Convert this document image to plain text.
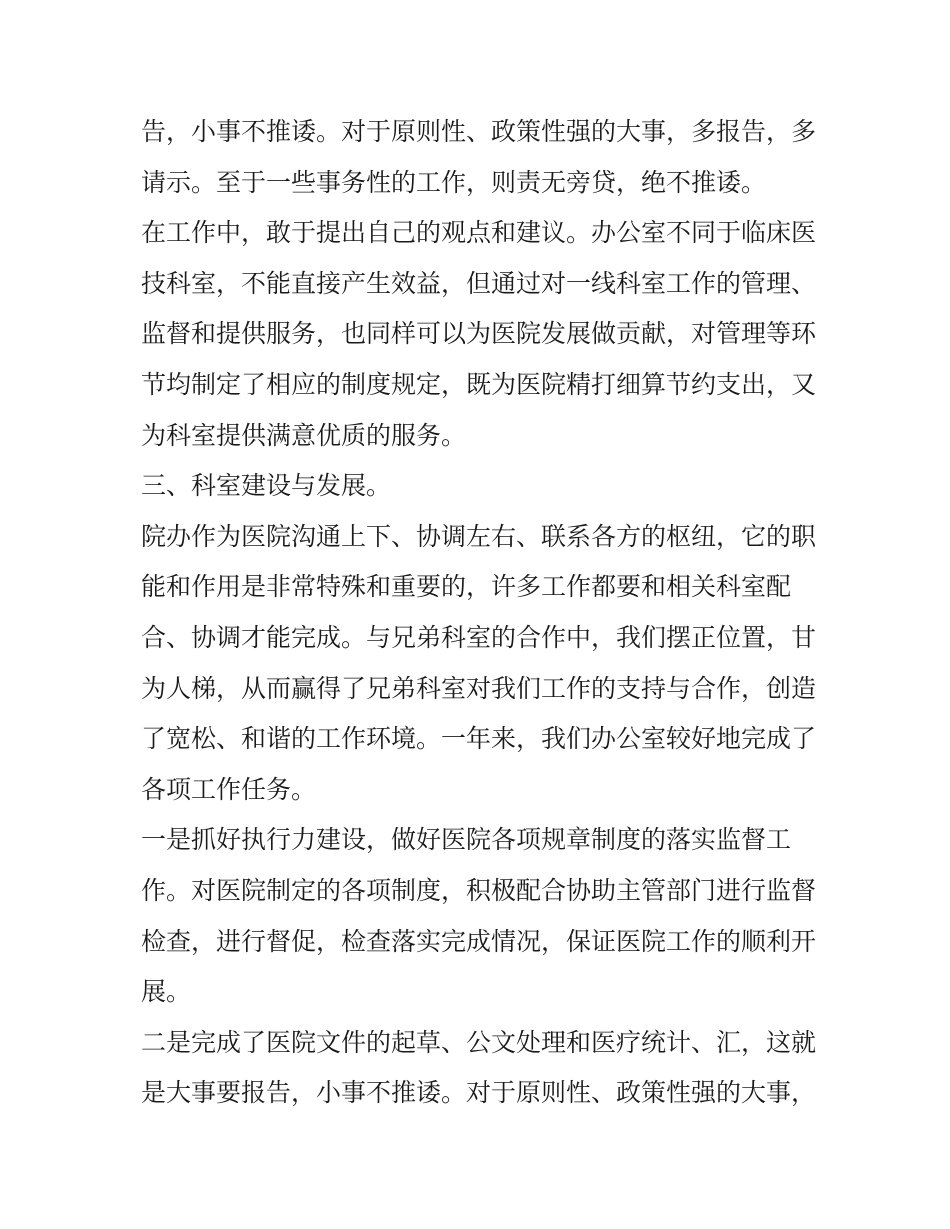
告，小事不推诿。对于原则性、政策性强的大事，多报告，多
请示。至于一些事务性的工作，则责无旁贷，绝不推诿。
在工作中，敢于提出自己的观点和建议。办公室不同于临床医
技科室，不能直接产生效益，但通过对一线科室工作的管理、
监督和提供服务，也同样可以为医院发展做贡献，对管理等环
节均制定了相应的制度规定，既为医院精打细算节约支出，又
为科室提供满意优质的服务。
三、科室建设与发展。
院办作为医院沟通上下、协调左右、联系各方的枢纽，它的职
能和作用是非常特殊和重要的，许多工作都要和相关科室配
合、协调才能完成。与兄弟科室的合作中，我们摆正位置，甘
为人梯，从而赢得了兄弟科室对我们工作的支持与合作，创造
了宽松、和谐的工作环境。一年来，我们办公室较好地完成了
各项工作任务。
一是抓好执行力建设，做好医院各项规章制度的落实监督工
作。对医院制定的各项制度，积极配合协助主管部门进行监督
检查，进行督促，检查落实完成情况，保证医院工作的顺利开
展。
二是完成了医院文件的起草、公文处理和医疗统计、汇，这就
是大事要报告，小事不推诿。对于原则性、政策性强的大事，
